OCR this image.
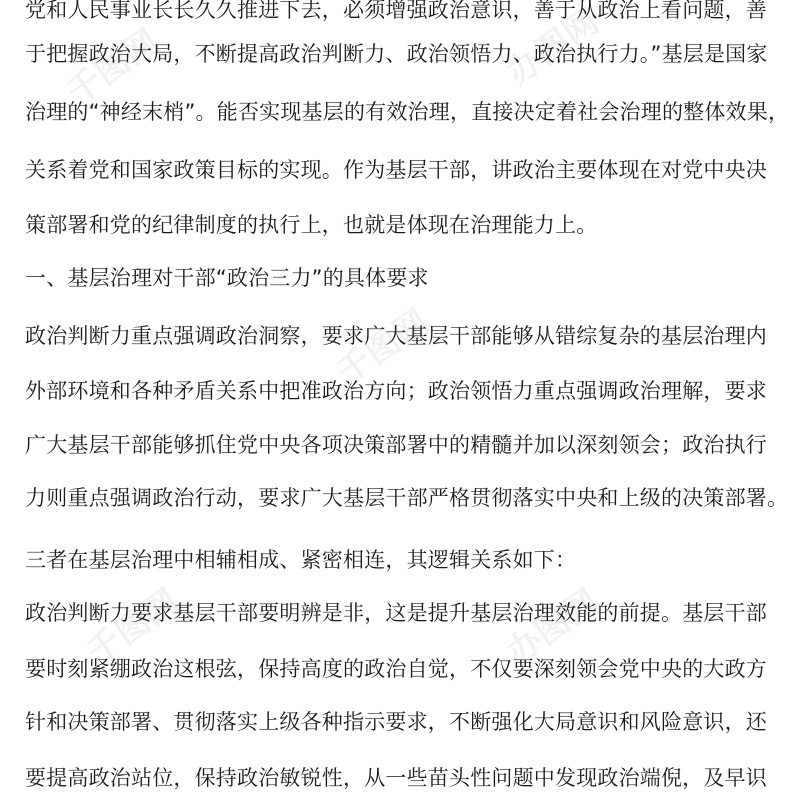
千图网	办图网
千图网
千图网	办图网
党和人民事业长长久久推进下去，必须增强政治意识，善于从政治上看问题，善
于把握政治大局，不断提高政治判断力、政治领悟力、政治执行力。”基层是国家
治理的“神经末梢”。能否实现基层的有效治理，直接决定着社会治理的整体效果，
关系着党和国家政策目标的实现。作为基层干部，讲政治主要体现在对党中央决
策部署和党的纪律制度的执行上，也就是体现在治理能力上。
一、基层治理对干部“政治三力”的具体要求
政治判断力重点强调政治洞察，要求广大基层干部能够从错综复杂的基层治理内
外部环境和各种矛盾关系中把准政治方向；政治领悟力重点强调政治理解，要求
广大基层干部能够抓住党中央各项决策部署中的精髓并加以深刻领会；政治执行
力则重点强调政治行动，要求广大基层干部严格贯彻落实中央和上级的决策部署。
三者在基层治理中相辅相成、紧密相连，其逻辑关系如下：
政治判断力要求基层干部要明辨是非，这是提升基层治理效能的前提。基层干部
要时刻紧绷政治这根弦，保持高度的政治自觉，不仅要深刻领会党中央的大政方
针和决策部署、贯彻落实上级各种指示要求，不断强化大局意识和风险意识，还
要提高政治站位，保持政治敏锐性，从一些苗头性问题中发现政治端倪，及早识
